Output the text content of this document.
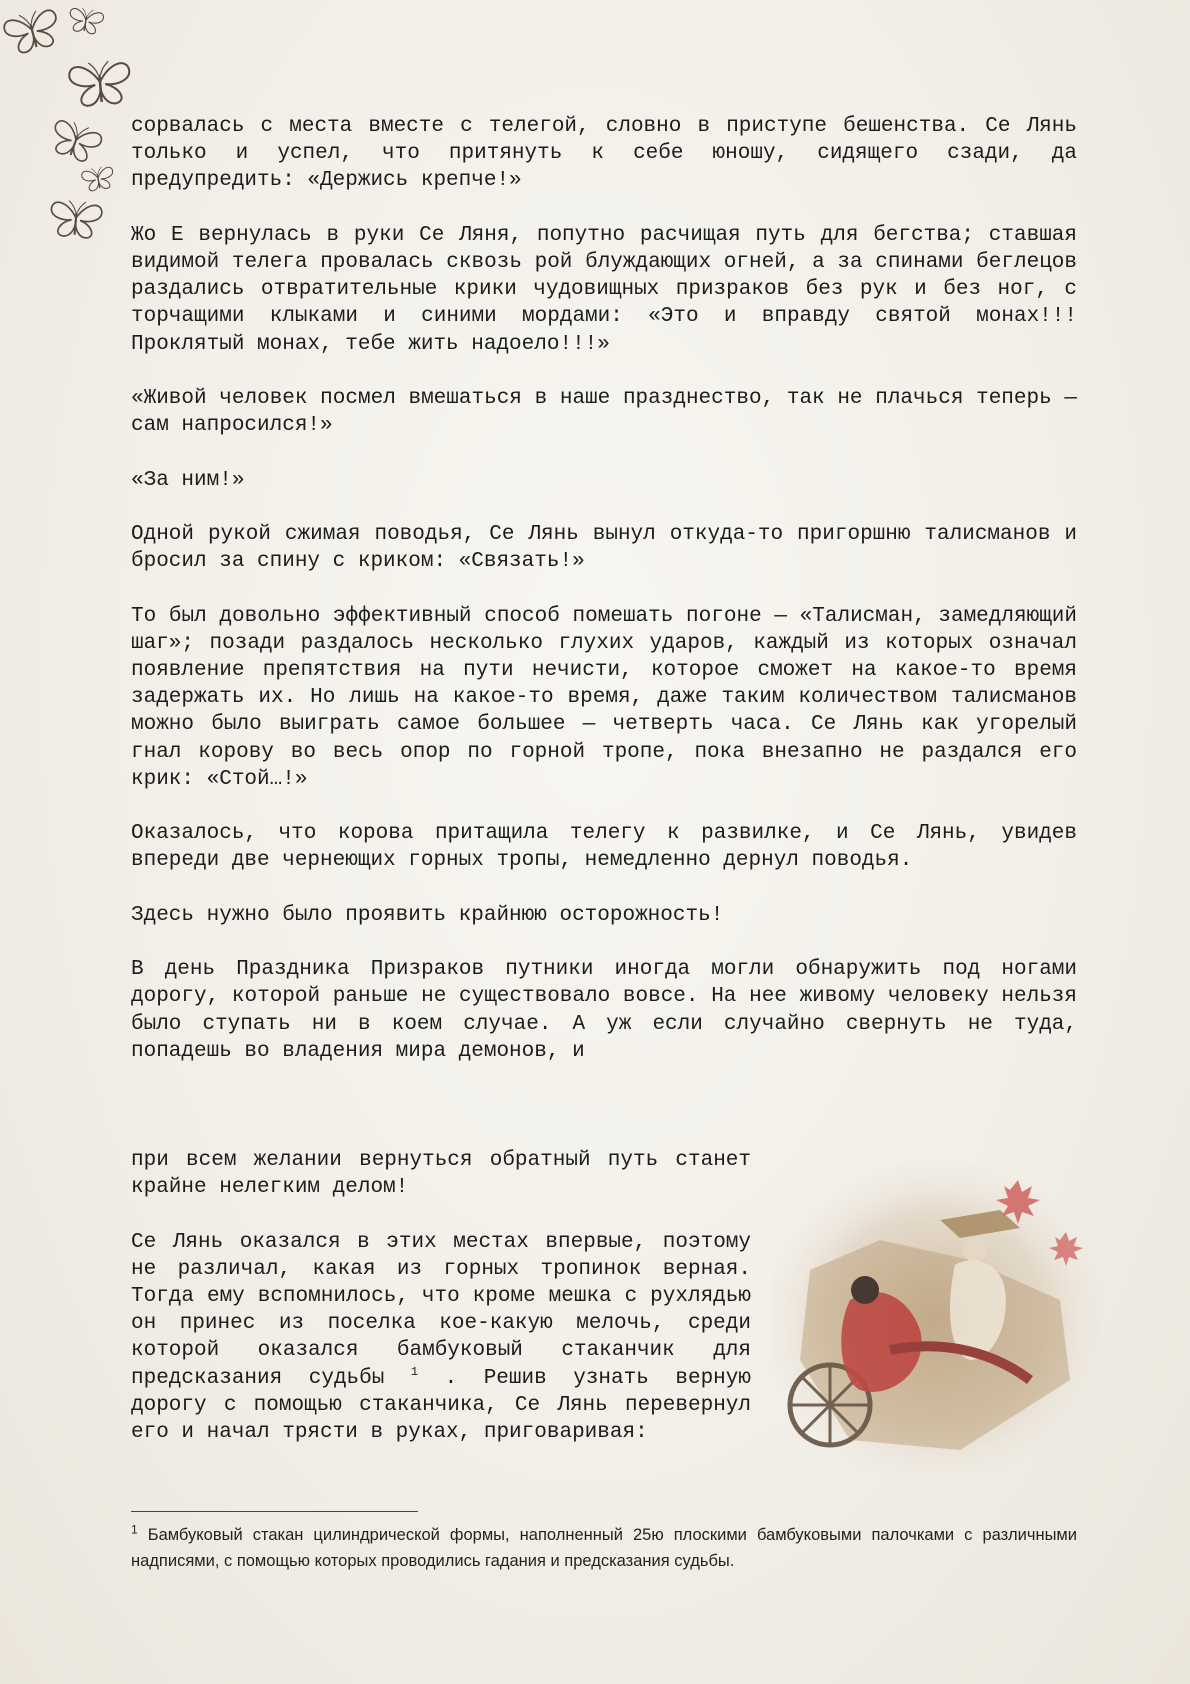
сорвалась с места вместе с телегой, словно в приступе бешенства. Се Лянь только и успел, что притянуть к себе юношу, сидящего сзади, да предупредить: «Держись крепче!»

Жо Е вернулась в руки Се Ляня, попутно расчищая путь для бегства; ставшая видимой телега провалась сквозь рой блуждающих огней, а за спинами беглецов раздались отвратительные крики чудовищных призраков без рук и без ног, с торчащими клыками и синими мордами: «Это и вправду святой монах!!! Проклятый монах, тебе жить надоело!!!»

«Живой человек посмел вмешаться в наше празднество, так не плачься теперь — сам напросился!»

«За ним!»

Одной рукой сжимая поводья, Се Лянь вынул откуда-то пригоршню талисманов и бросил за спину с криком: «Связать!»

То был довольно эффективный способ помешать погоне — «Талисман, замедляющий шаг»; позади раздалось несколько глухих ударов, каждый из которых означал появление препятствия на пути нечисти, которое сможет на какое-то время задержать их. Но лишь на какое-то время, даже таким количеством талисманов можно было выиграть самое большее — четверть часа. Се Лянь как угорелый гнал корову во весь опор по горной тропе, пока внезапно не раздался его крик: «Стой…!»

Оказалось, что корова притащила телегу к развилке, и Се Лянь, увидев впереди две чернеющих горных тропы, немедленно дернул поводья.

Здесь нужно было проявить крайнюю осторожность!

В день Праздника Призраков путники иногда могли обнаружить под ногами дорогу, которой раньше не существовало вовсе. На нее живому человеку нельзя было ступать ни в коем случае. А уж если случайно свернуть не туда, попадешь во владения мира демонов, и

при всем желании вернуться обратный путь станет крайне нелегким делом!

Се Лянь оказался в этих местах впервые, поэтому не различал, какая из горных тропинок верная. Тогда ему вспомнилось, что кроме мешка с рухлядью он принес из поселка кое-какую мелочь, среди которой оказался бамбуковый стаканчик для предсказания судьбы $^1$ . Решив узнать верную дорогу с помощью стаканчика, Се Лянь перевернул его и начал трясти в руках, приговаривая:

$^1$ Бамбуковый стакан цилиндрической формы, наполненный 25ю плоскими бамбуковыми палочками с различными надписями, с помощью которых проводились гадания и предсказания судьбы.
